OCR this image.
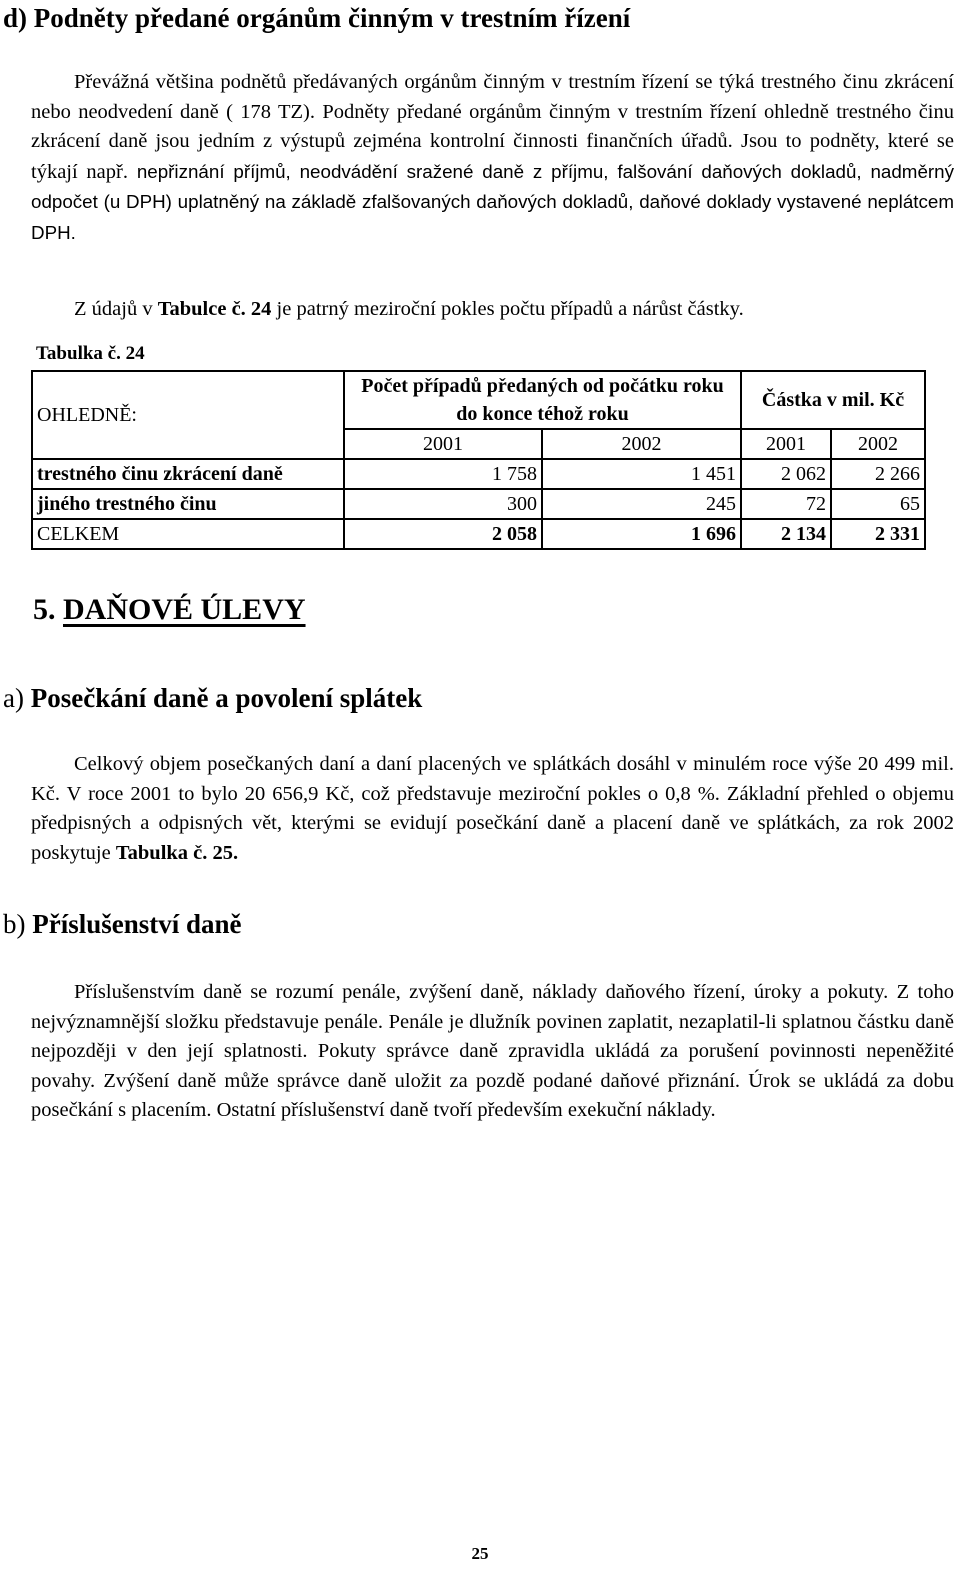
d) Podněty předané orgánům činným v trestním řízení
Převážná většina podnětů předávaných orgánům činným v trestním řízení se týká trestného činu zkrácení nebo neodvedení daně ( 178 TZ). Podněty předané orgánům činným v trestním řízení ohledně trestného činu zkrácení daně jsou jedním z výstupů zejména kontrolní činnosti finančních úřadů. Jsou to podněty, které se týkají např. nepřiznání příjmů, neodvádění sražené daně z příjmu, falšování daňových dokladů, nadměrný odpočet (u DPH) uplatněný na základě zfalšovaných daňových dokladů, daňové doklady vystavené neplátcem DPH.
Z údajů v Tabulce č. 24 je patrný meziroční pokles počtu případů a nárůst částky.
Tabulka č. 24
OHLEDNĚ:	Počet případů předaných od počátku roku do konce téhož roku		Částka v mil. Kč	
	2001	2002	2001	2002
trestného činu zkrácení daně	1 758	1 451	2 062	2 266
jiného trestného činu	300	245	72	65
CELKEM	2 058	1 696	2 134	2 331
5. DAŇOVÉ ÚLEVY
a) Posečkání daně a povolení splátek
Celkový objem posečkaných daní a daní placených ve splátkách dosáhl v minulém roce výše 20 499 mil. Kč. V roce 2001 to bylo 20 656,9 Kč, což představuje meziroční pokles o 0,8 %. Základní přehled o objemu předpisných a odpisných vět, kterými se evidují posečkání daně a placení daně ve splátkách, za rok 2002 poskytuje Tabulka č. 25.
b) Příslušenství daně
Příslušenstvím daně se rozumí penále, zvýšení daně, náklady daňového řízení, úroky a pokuty. Z toho nejvýznamnější složku představuje penále. Penále je dlužník povinen zaplatit, nezaplatil-li splatnou částku daně nejpozději v den její splatnosti. Pokuty správce daně zpravidla ukládá za porušení povinnosti nepeněžité povahy. Zvýšení daně může správce daně uložit za pozdě podané daňové přiznání. Úrok se ukládá za dobu posečkání s placením. Ostatní příslušenství daně tvoří především exekuční náklady.
25
